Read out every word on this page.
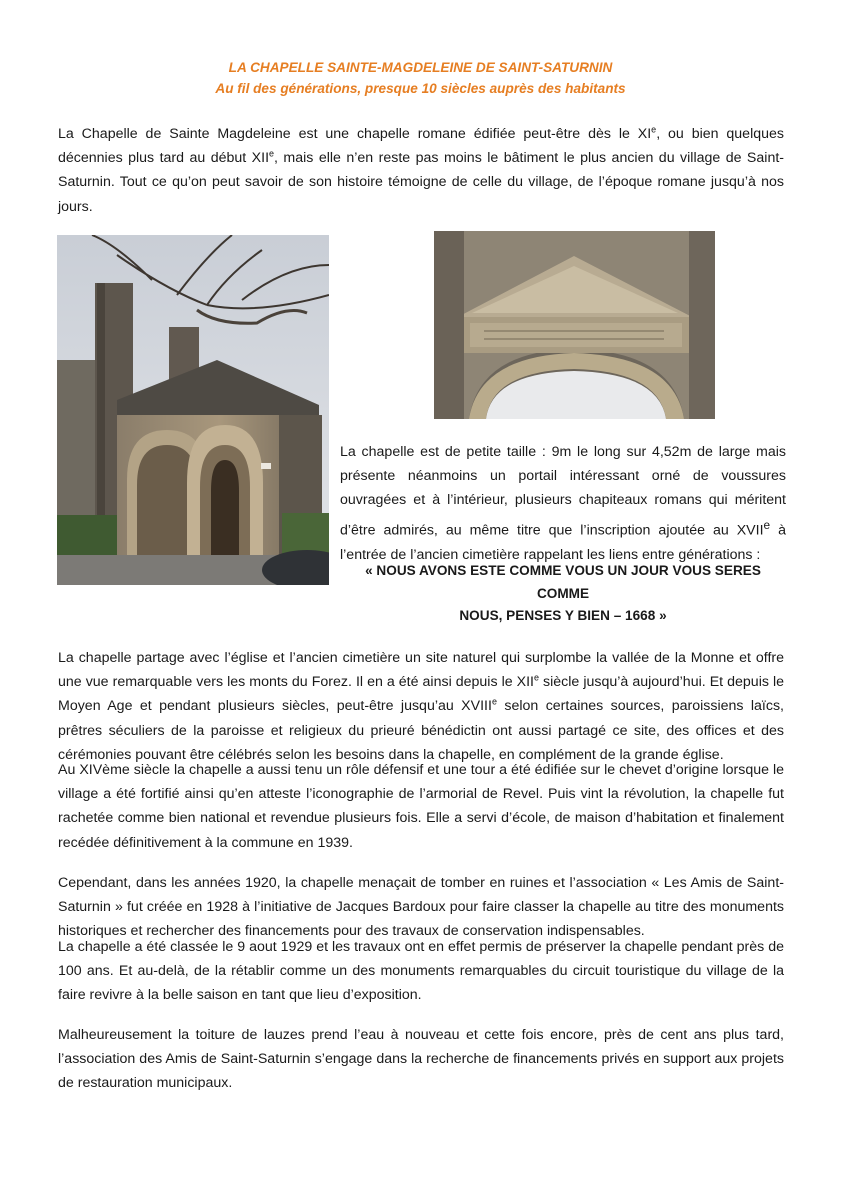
LA CHAPELLE SAINTE-MAGDELEINE DE SAINT-SATURNIN
Au fil des générations, presque 10 siècles auprès des habitants

La Chapelle de Sainte Magdeleine est une chapelle romane édifiée peut-être dès le XIe, ou bien quelques décennies plus tard au début XIIe, mais elle n’en reste pas moins le bâtiment le plus ancien du village de Saint-Saturnin. Tout ce qu’on peut savoir de son histoire témoigne de celle du village, de l’époque romane jusqu’à nos jours.

La chapelle est de petite taille : 9m le long sur 4,52m de large mais présente néanmoins un portail intéressant orné de voussures ouvragées et à l’intérieur, plusieurs chapiteaux romans qui méritent d’être admirés, au même titre que l’inscription ajoutée au XVIIe à l’entrée de l’ancien cimetière rappelant les liens entre générations :

« NOUS AVONS ESTE COMME VOUS UN JOUR VOUS SERES COMME
NOUS, PENSES Y BIEN – 1668 »

La chapelle partage avec l’église et l’ancien cimetière un site naturel qui surplombe la vallée de la Monne et offre une vue remarquable vers les monts du Forez. Il en a été ainsi depuis le XIIe siècle jusqu’à aujourd’hui. Et depuis le Moyen Age et pendant plusieurs siècles, peut-être jusqu’au XVIIIe selon certaines sources, paroissiens laïcs, prêtres séculiers de la paroisse et religieux du prieuré bénédictin ont aussi partagé ce site, des offices et des cérémonies pouvant être célébrés selon les besoins dans la chapelle, en complément de la grande église.

Au XIVème siècle la chapelle a aussi tenu un rôle défensif et une tour a été édifiée sur le chevet d’origine lorsque le village a été fortifié ainsi qu’en atteste l’iconographie de l’armorial de Revel. Puis vint la révolution, la chapelle fut rachetée comme bien national et revendue plusieurs fois. Elle a servi d’école, de maison d’habitation et finalement recédée définitivement à la commune en 1939.

Cependant, dans les années 1920, la chapelle menaçait de tomber en ruines et l’association « Les Amis de Saint-Saturnin » fut créée en 1928 à l’initiative de Jacques Bardoux pour faire classer la chapelle au titre des monuments historiques et rechercher des financements pour des travaux de conservation indispensables.

La chapelle a été classée le 9 aout 1929 et les travaux ont en effet permis de préserver la chapelle pendant près de 100 ans. Et au-delà, de la rétablir comme un des monuments remarquables du circuit touristique du village de la faire revivre à la belle saison en tant que lieu d’exposition.

Malheureusement la toiture de lauzes prend l’eau à nouveau et cette fois encore, près de cent ans plus tard, l’association des Amis de Saint-Saturnin s’engage dans la recherche de financements privés en support aux projets de restauration municipaux.
